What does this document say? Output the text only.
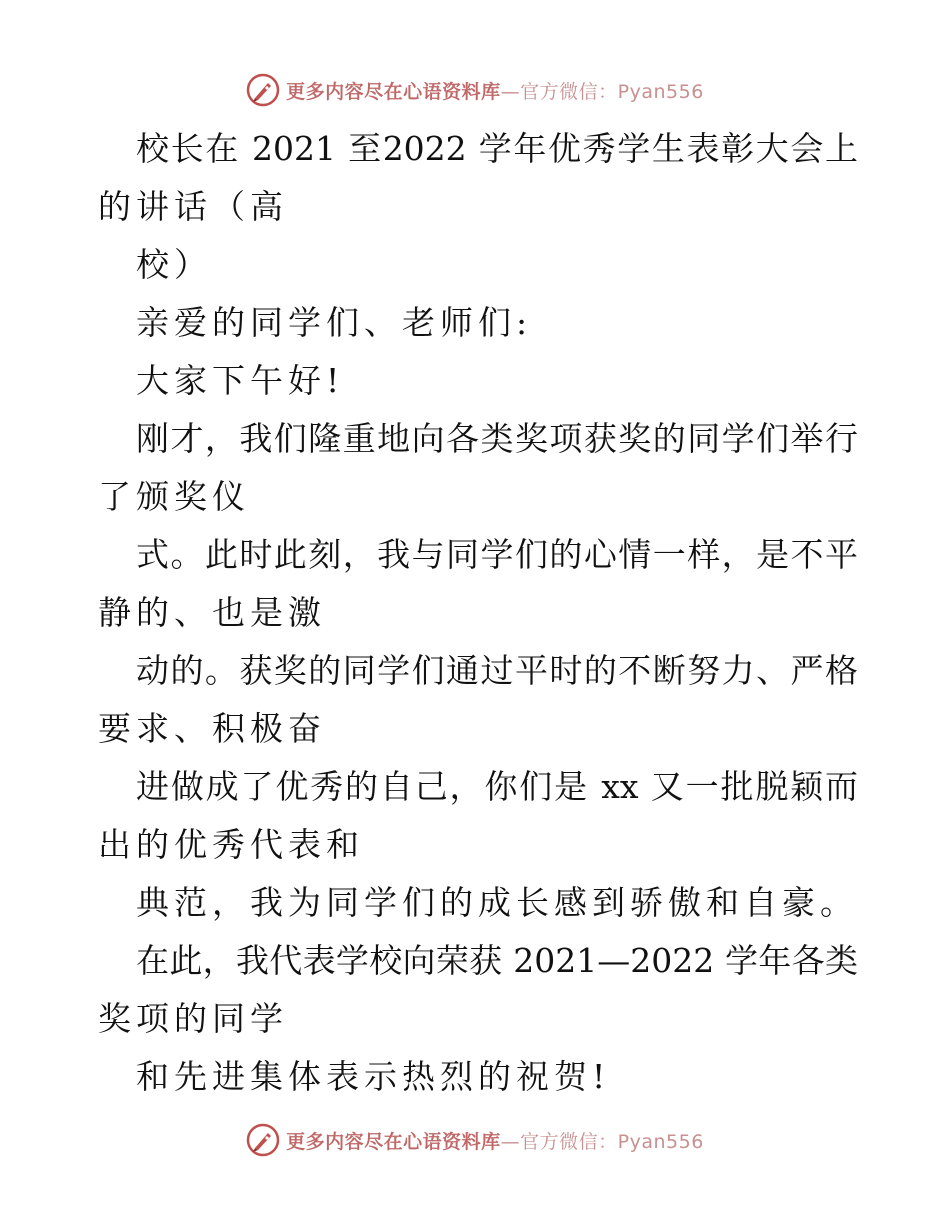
更多内容尽在心语资料库—官方微信：Pyan556
校长在 2021 至2022 学年优秀学生表彰大会上
的讲话（高
校）
亲爱的同学们、老师们:
大家下午好!
刚才，我们隆重地向各类奖项获奖的同学们举行
了颁奖仪
式。此时此刻，我与同学们的心情一样，是不平
静的、也是激
动的。获奖的同学们通过平时的不断努力、严格
要求、积极奋
进做成了优秀的自己，你们是 xx 又一批脱颖而
出的优秀代表和
典范，我为同学们的成长感到骄傲和自豪。
在此，我代表学校向荣获 2021—2022 学年各类
奖项的同学
和先进集体表示热烈的祝贺!
更多内容尽在心语资料库—官方微信：Pyan556
